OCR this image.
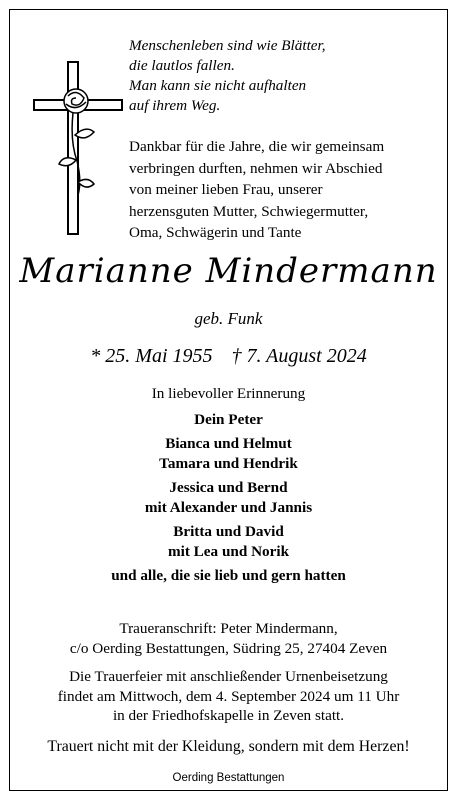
Menschenleben sind wie Blätter,
die lautlos fallen.
Man kann sie nicht aufhalten
auf ihrem Weg.
Dankbar für die Jahre, die wir gemeinsam
verbringen durften, nehmen wir Abschied
von meiner lieben Frau, unserer
herzensguten Mutter, Schwiegermutter,
Oma, Schwägerin und Tante
Marianne Mindermann
geb. Funk
* 25. Mai 1955 † 7. August 2024
In liebevoller Erinnerung
Dein Peter
Bianca und Helmut
Tamara und Hendrik
Jessica und Bernd
mit Alexander und Jannis
Britta und David
mit Lea und Norik
und alle, die sie lieb und gern hatten
Traueranschrift: Peter Mindermann,
c/o Oerding Bestattungen, Südring 25, 27404 Zeven
Die Trauerfeier mit anschließender Urnenbeisetzung
findet am Mittwoch, dem 4. September 2024 um 11 Uhr
in der Friedhofskapelle in Zeven statt.
Trauert nicht mit der Kleidung, sondern mit dem Herzen!
Oerding Bestattungen
